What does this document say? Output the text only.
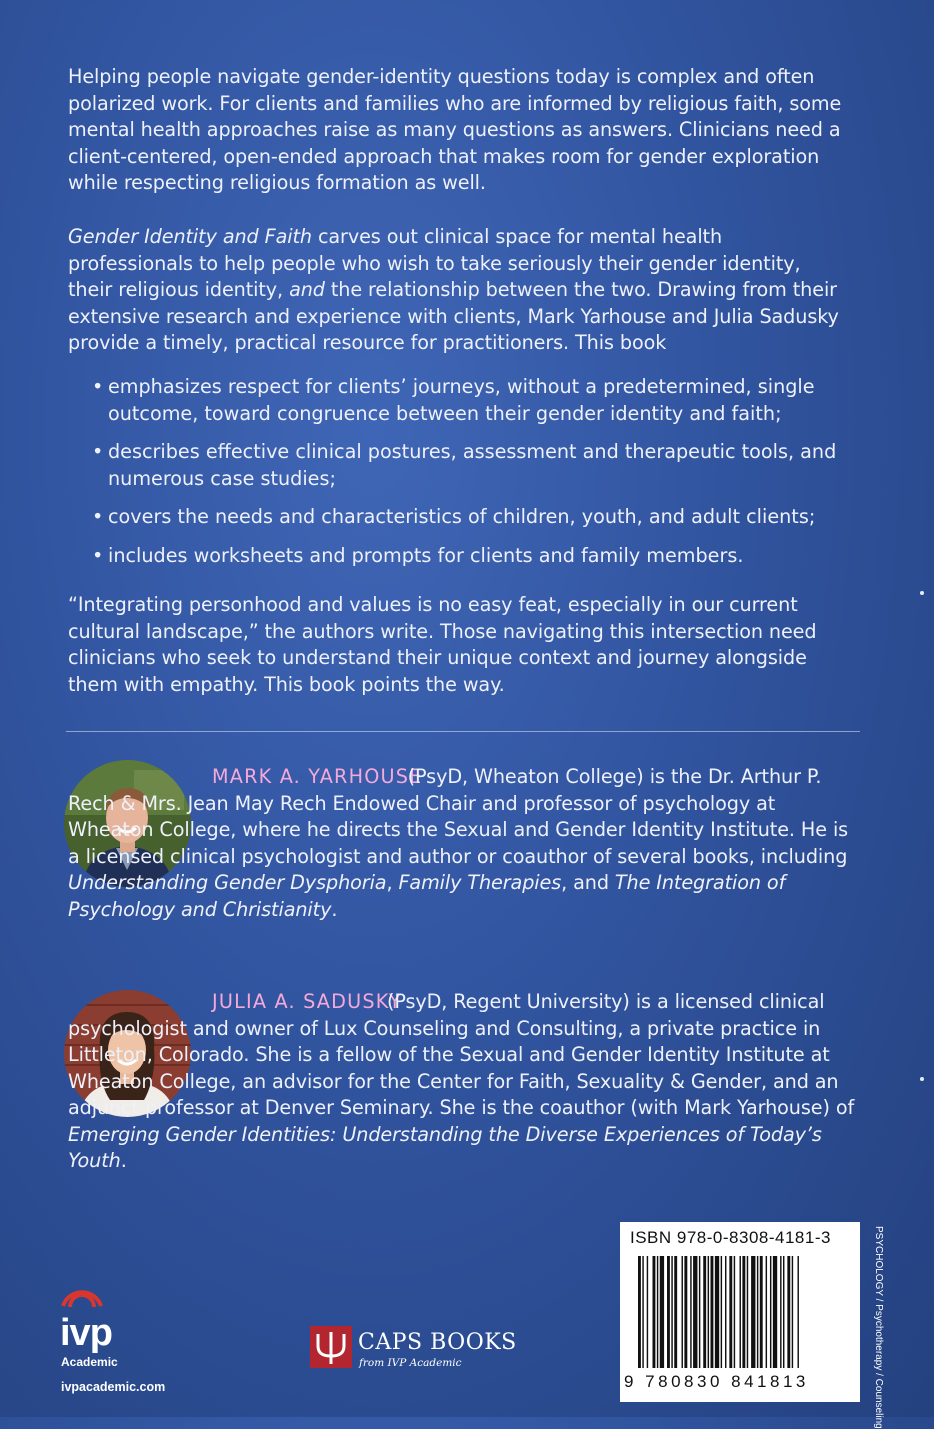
Helping people navigate gender-identity questions today is complex and often polarized work. For clients and families who are informed by religious faith, some mental health approaches raise as many questions as answers. Clinicians need a client-centered, open-ended approach that makes room for gender exploration while respecting religious formation as well.

Gender Identity and Faith carves out clinical space for mental health professionals to help people who wish to take seriously their gender identity, their religious identity, and the relationship between the two. Drawing from their extensive research and experience with clients, Mark Yarhouse and Julia Sadusky provide a timely, practical resource for practitioners. This book

• emphasizes respect for clients’ journeys, without a predetermined, single outcome, toward congruence between their gender identity and faith;
• describes effective clinical postures, assessment and therapeutic tools, and numerous case studies;
• covers the needs and characteristics of children, youth, and adult clients;
• includes worksheets and prompts for clients and family members.

“Integrating personhood and values is no easy feat, especially in our current cultural landscape,” the authors write. Those navigating this intersection need clinicians who seek to understand their unique context and journey alongside them with empathy. This book points the way.

MARK A. YARHOUSE

(PsyD, Wheaton College) is the Dr. Arthur P. Rech & Mrs. Jean May Rech Endowed Chair and professor of psychology at Wheaton College, where he directs the Sexual and Gender Identity Institute. He is a licensed clinical psychologist and author or coauthor of several books, including Understanding Gender Dysphoria, Family Therapies, and The Integration of Psychology and Christianity.

JULIA A. SADUSKY

(PsyD, Regent University) is a licensed clinical psychologist and owner of Lux Counseling and Consulting, a private practice in Littleton, Colorado. She is a fellow of the Sexual and Gender Identity Institute at Wheaton College, an advisor for the Center for Faith, Sexuality & Gender, and an adjunct professor at Denver Seminary. She is the coauthor (with Mark Yarhouse) of Emerging Gender Identities: Understanding the Diverse Experiences of Today’s Youth.

ivp
Academic
ivpacademic.com
CAPS BOOKS
from IVP Academic
ISBN 978-0-8308-4181-3
9 780830 841813	PSYCHOLOGY / Psychotherapy / Counseling
